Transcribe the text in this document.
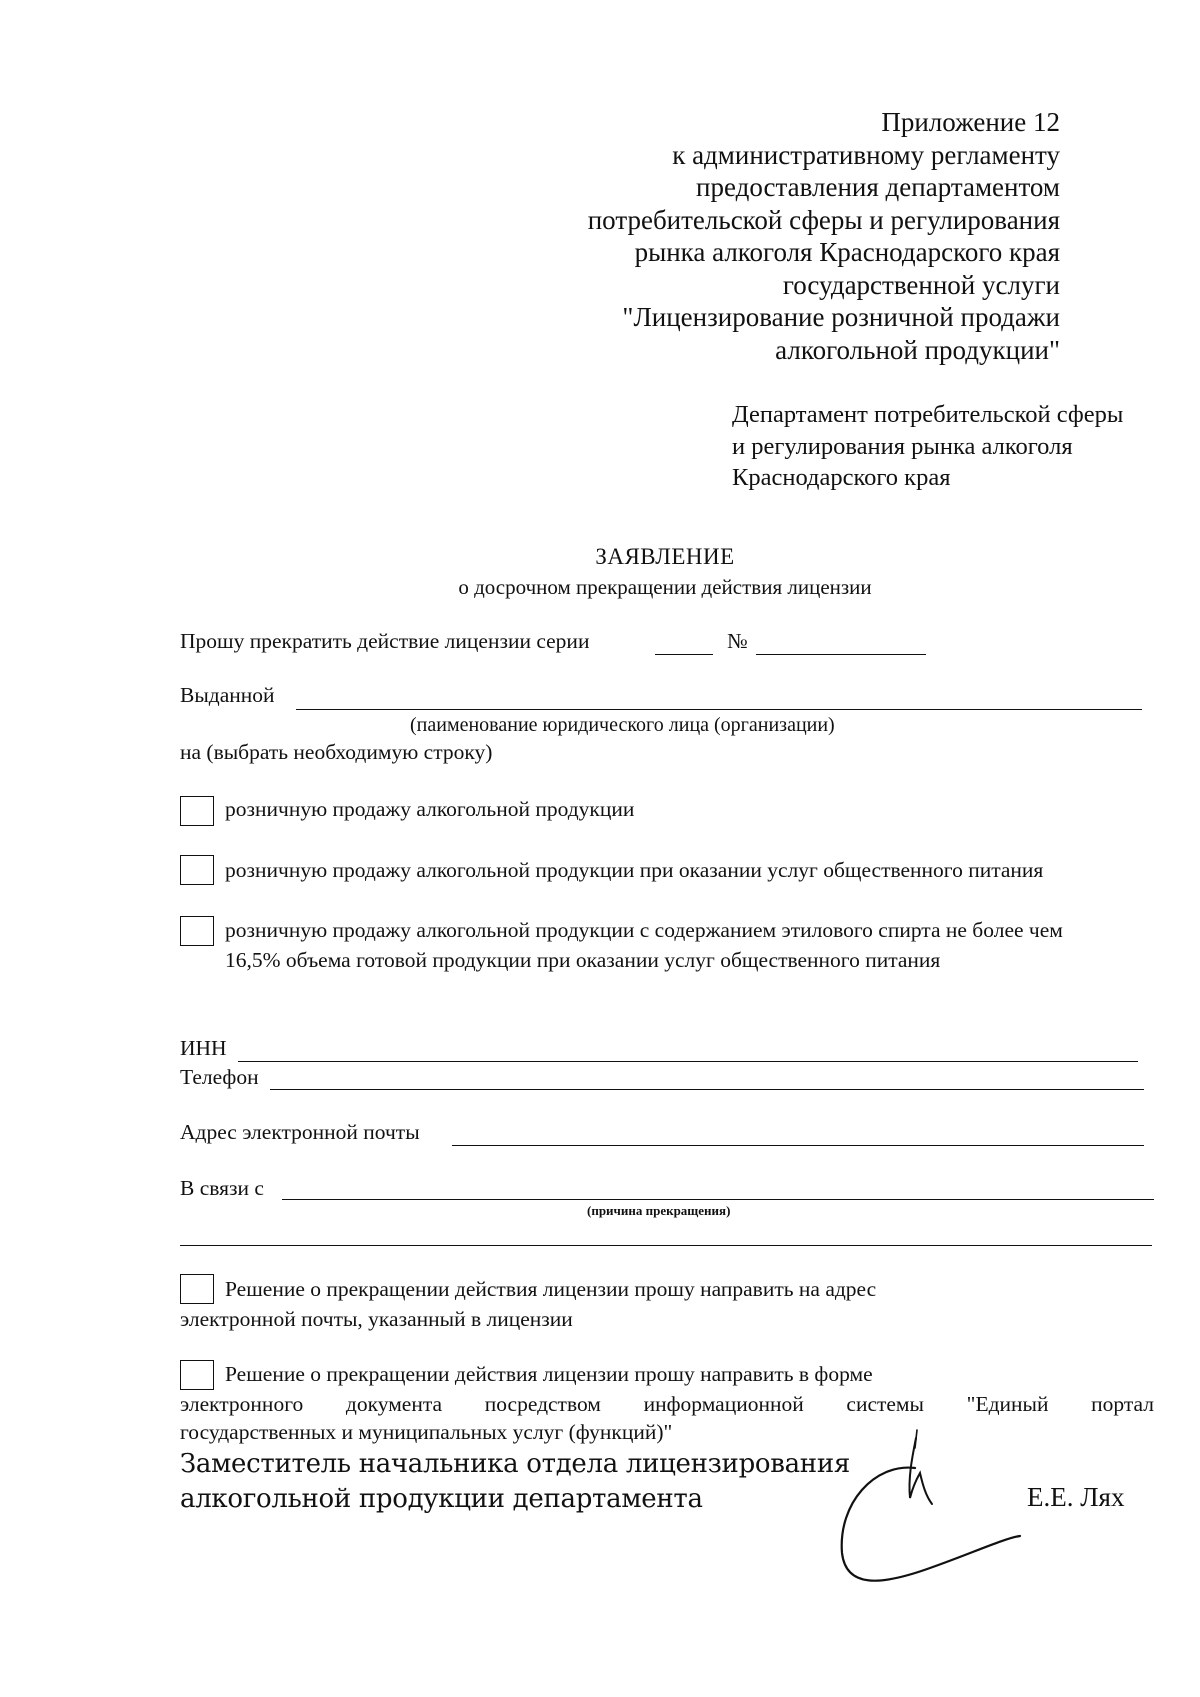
Приложение 12
к административному регламенту
предоставления департаментом
потребительской сферы и регулирования
рынка алкоголя Краснодарского края
государственной услуги
"Лицензирование розничной продажи
алкогольной продукции"
Департамент потребительской сферы
и регулирования рынка алкоголя
Краснодарского края
ЗАЯВЛЕНИЕ
о досрочном прекращении действия лицензии
Прошу прекратить действие лицензии серии	№
Выданной
(паименование юридического лица (организации)
на (выбрать необходимую строку)
розничную продажу алкогольной продукции
розничную продажу алкогольной продукции при оказании услуг общественного питания
розничную продажу алкогольной продукции с содержанием этилового спирта не более чем 16,5% объема готовой продукции при оказании услуг общественного питания
ИНН
Телефон
Адрес электронной почты
В связи с
(причина прекращения)
Решение о прекращении действия лицензии прошу направить на адрес
электронной почты, указанный в лицензии
Решение о прекращении действия лицензии прошу направить в форме
электронного документа посредством информационной системы "Единый портал
государственных и муниципальных услуг (функций)"
Заместитель начальника отдела лицензирования
алкогольной продукции департамента	Е.Е. Лях
